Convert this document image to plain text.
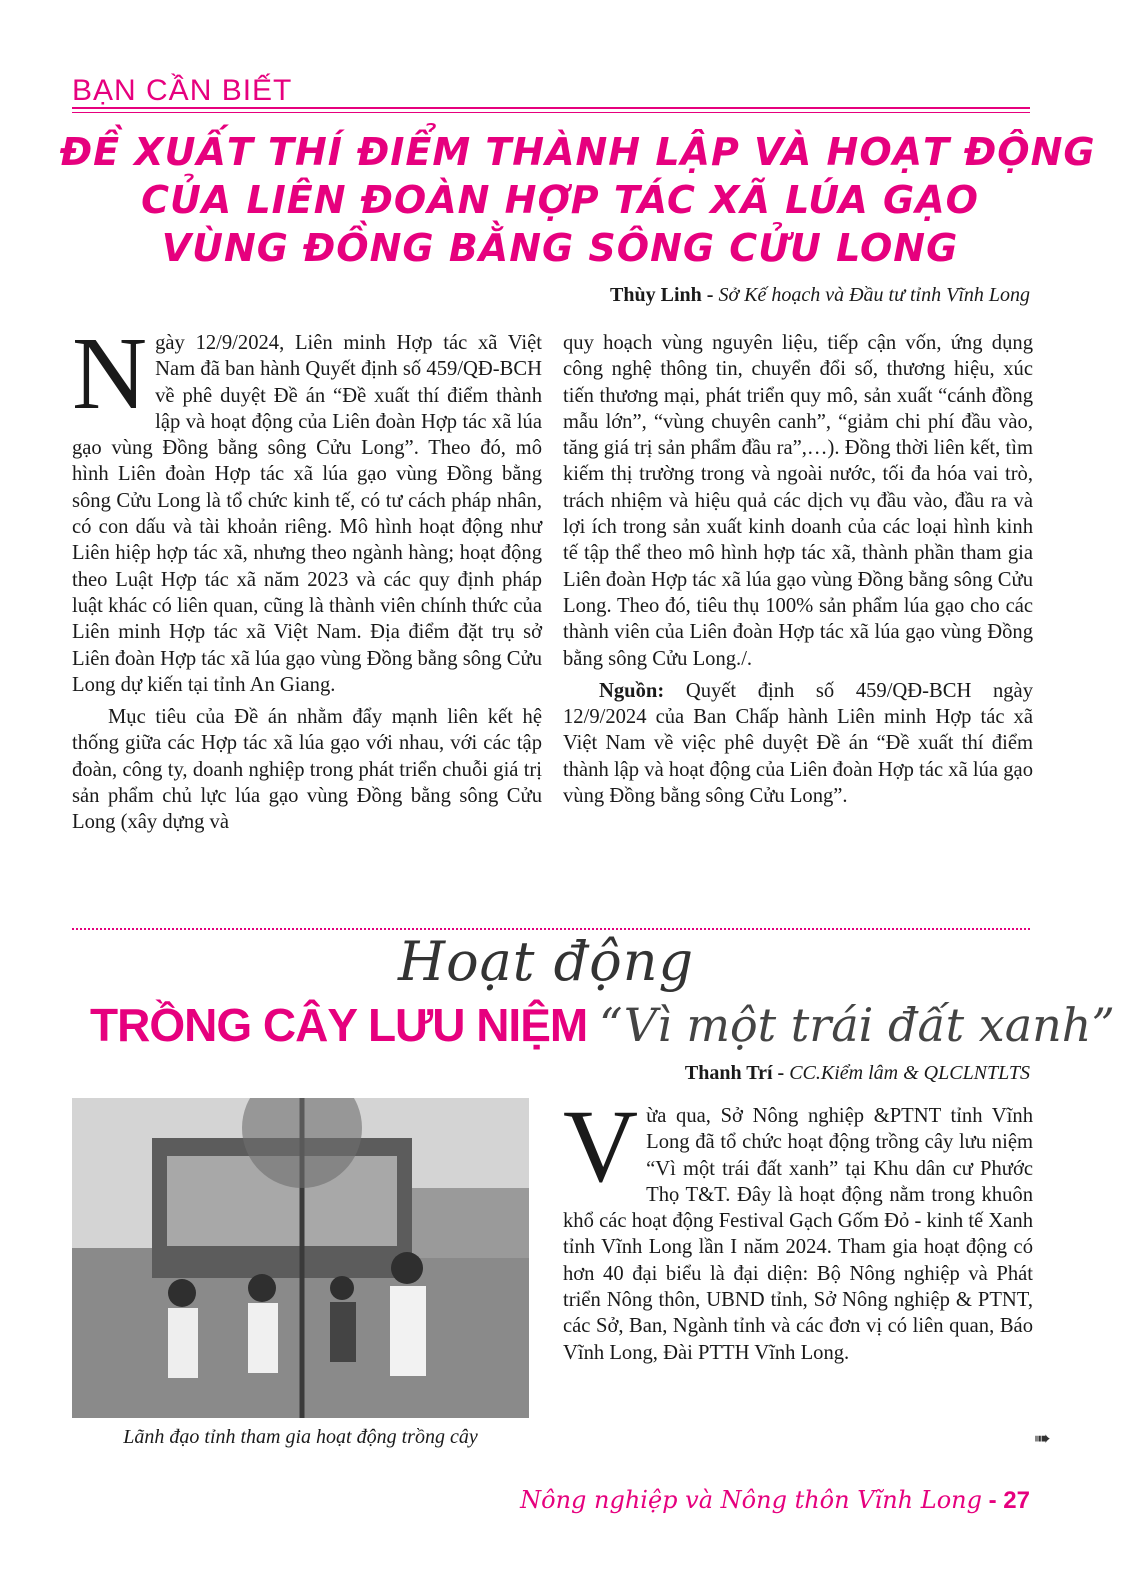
BẠN CẦN BIẾT
ĐỀ XUẤT THÍ ĐIỂM THÀNH LẬP VÀ HOẠT ĐỘNG
CỦA LIÊN ĐOÀN HỢP TÁC XÃ LÚA GẠO
VÙNG ĐỒNG BẰNG SÔNG CỬU LONG
Thùy Linh - Sở Kế hoạch và Đầu tư tỉnh Vĩnh Long

Ngày 12/9/2024, Liên minh Hợp tác xã Việt Nam đã ban hành Quyết định số 459/QĐ-BCH về phê duyệt Đề án “Đề xuất thí điểm thành lập và hoạt động của Liên đoàn Hợp tác xã lúa gạo vùng Đồng bằng sông Cửu Long”. Theo đó, mô hình Liên đoàn Hợp tác xã lúa gạo vùng Đồng bằng sông Cửu Long là tổ chức kinh tế, có tư cách pháp nhân, có con dấu và tài khoản riêng. Mô hình hoạt động như Liên hiệp hợp tác xã, nhưng theo ngành hàng; hoạt động theo Luật Hợp tác xã năm 2023 và các quy định pháp luật khác có liên quan, cũng là thành viên chính thức của Liên minh Hợp tác xã Việt Nam. Địa điểm đặt trụ sở Liên đoàn Hợp tác xã lúa gạo vùng Đồng bằng sông Cửu Long dự kiến tại tỉnh An Giang.

Mục tiêu của Đề án nhằm đẩy mạnh liên kết hệ thống giữa các Hợp tác xã lúa gạo với nhau, với các tập đoàn, công ty, doanh nghiệp trong phát triển chuỗi giá trị sản phẩm chủ lực lúa gạo vùng Đồng bằng sông Cửu Long (xây dựng và

quy hoạch vùng nguyên liệu, tiếp cận vốn, ứng dụng công nghệ thông tin, chuyển đổi số, thương hiệu, xúc tiến thương mại, phát triển quy mô, sản xuất “cánh đồng mẫu lớn”, “vùng chuyên canh”, “giảm chi phí đầu vào, tăng giá trị sản phẩm đầu ra”,…). Đồng thời liên kết, tìm kiếm thị trường trong và ngoài nước, tối đa hóa vai trò, trách nhiệm và hiệu quả các dịch vụ đầu vào, đầu ra và lợi ích trong sản xuất kinh doanh của các loại hình kinh tế tập thể theo mô hình hợp tác xã, thành phần tham gia Liên đoàn Hợp tác xã lúa gạo vùng Đồng bằng sông Cửu Long. Theo đó, tiêu thụ 100% sản phẩm lúa gạo cho các thành viên của Liên đoàn Hợp tác xã lúa gạo vùng Đồng bằng sông Cửu Long./.

Nguồn: Quyết định số 459/QĐ-BCH ngày 12/9/2024 của Ban Chấp hành Liên minh Hợp tác xã Việt Nam về việc phê duyệt Đề án “Đề xuất thí điểm thành lập và hoạt động của Liên đoàn Hợp tác xã lúa gạo vùng Đồng bằng sông Cửu Long”.

Hoạt động
TRỒNG CÂY LƯU NIỆM “Vì một trái đất xanh”
Thanh Trí - CC.Kiểm lâm & QLCLNTLTS
Lãnh đạo tỉnh tham gia hoạt động trồng cây

Vừa qua, Sở Nông nghiệp &PTNT tỉnh Vĩnh Long đã tổ chức hoạt động trồng cây lưu niệm “Vì một trái đất xanh” tại Khu dân cư Phước Thọ T&T. Đây là hoạt động nằm trong khuôn khổ các hoạt động Festival Gạch Gốm Đỏ - kinh tế Xanh tỉnh Vĩnh Long lần I năm 2024. Tham gia hoạt động có hơn 40 đại biểu là đại diện: Bộ Nông nghiệp và Phát triển Nông thôn, UBND tỉnh, Sở Nông nghiệp & PTNT, các Sở, Ban, Ngành tỉnh và các đơn vị có liên quan, Báo Vĩnh Long, Đài PTTH Vĩnh Long.

➠
Nông nghiệp và Nông thôn Vĩnh Long - 27
